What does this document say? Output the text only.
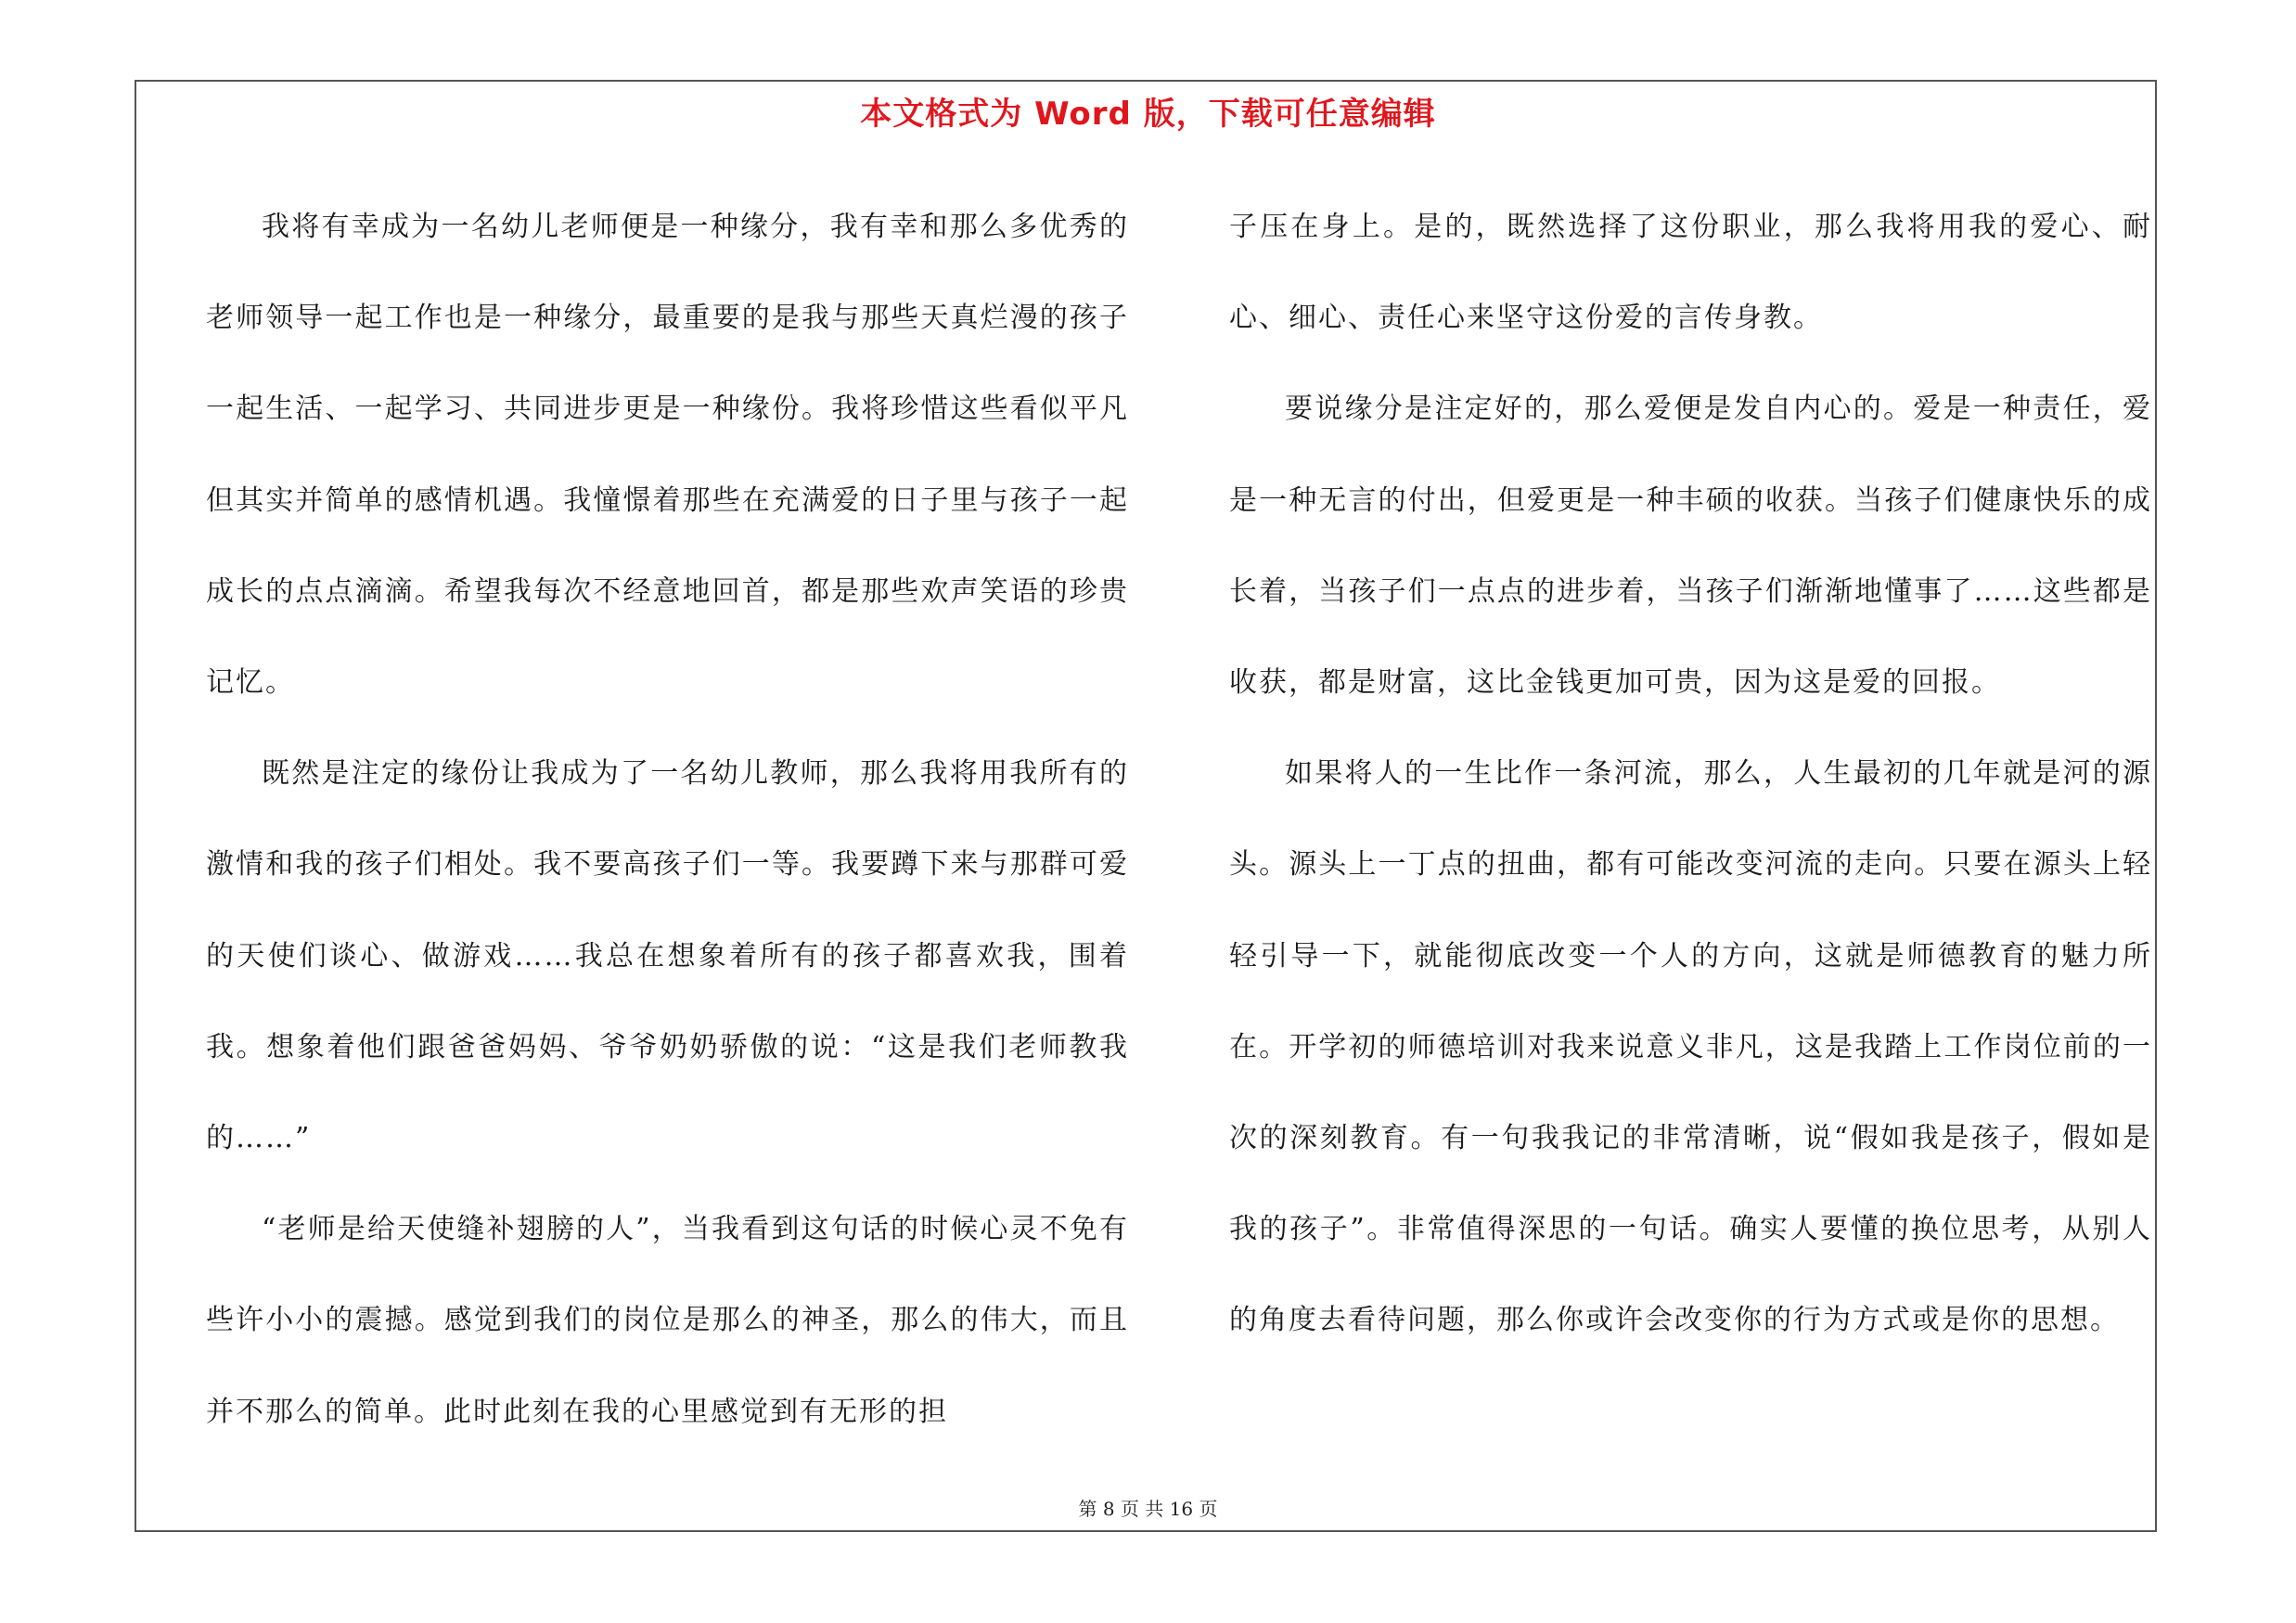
本文格式为 Word 版，下载可任意编辑

我将有幸成为一名幼儿老师便是一种缘分，我有幸和那么多优秀的老师领导一起工作也是一种缘分，最重要的是我与那些天真烂漫的孩子一起生活、一起学习、共同进步更是一种缘份。我将珍惜这些看似平凡但其实并简单的感情机遇。我憧憬着那些在充满爱的日子里与孩子一起成长的点点滴滴。希望我每次不经意地回首，都是那些欢声笑语的珍贵记忆。

既然是注定的缘份让我成为了一名幼儿教师，那么我将用我所有的激情和我的孩子们相处。我不要高孩子们一等。我要蹲下来与那群可爱的天使们谈心、做游戏……我总在想象着所有的孩子都喜欢我，围着我。想象着他们跟爸爸妈妈、爷爷奶奶骄傲的说：“这是我们老师教我的……”

“老师是给天使缝补翅膀的人”，当我看到这句话的时候心灵不免有些许小小的震撼。感觉到我们的岗位是那么的神圣，那么的伟大，而且并不那么的简单。此时此刻在我的心里感觉到有无形的担

子压在身上。是的，既然选择了这份职业，那么我将用我的爱心、耐心、细心、责任心来坚守这份爱的言传身教。

要说缘分是注定好的，那么爱便是发自内心的。爱是一种责任，爱是一种无言的付出，但爱更是一种丰硕的收获。当孩子们健康快乐的成长着，当孩子们一点点的进步着，当孩子们渐渐地懂事了……这些都是收获，都是财富，这比金钱更加可贵，因为这是爱的回报。

如果将人的一生比作一条河流，那么，人生最初的几年就是河的源头。源头上一丁点的扭曲，都有可能改变河流的走向。只要在源头上轻轻引导一下，就能彻底改变一个人的方向，这就是师德教育的魅力所在。开学初的师德培训对我来说意义非凡，这是我踏上工作岗位前的一次的深刻教育。有一句我我记的非常清晰，说“假如我是孩子，假如是我的孩子”。非常值得深思的一句话。确实人要懂的换位思考，从别人的角度去看待问题，那么你或许会改变你的行为方式或是你的思想。

第 8 页 共 16 页
